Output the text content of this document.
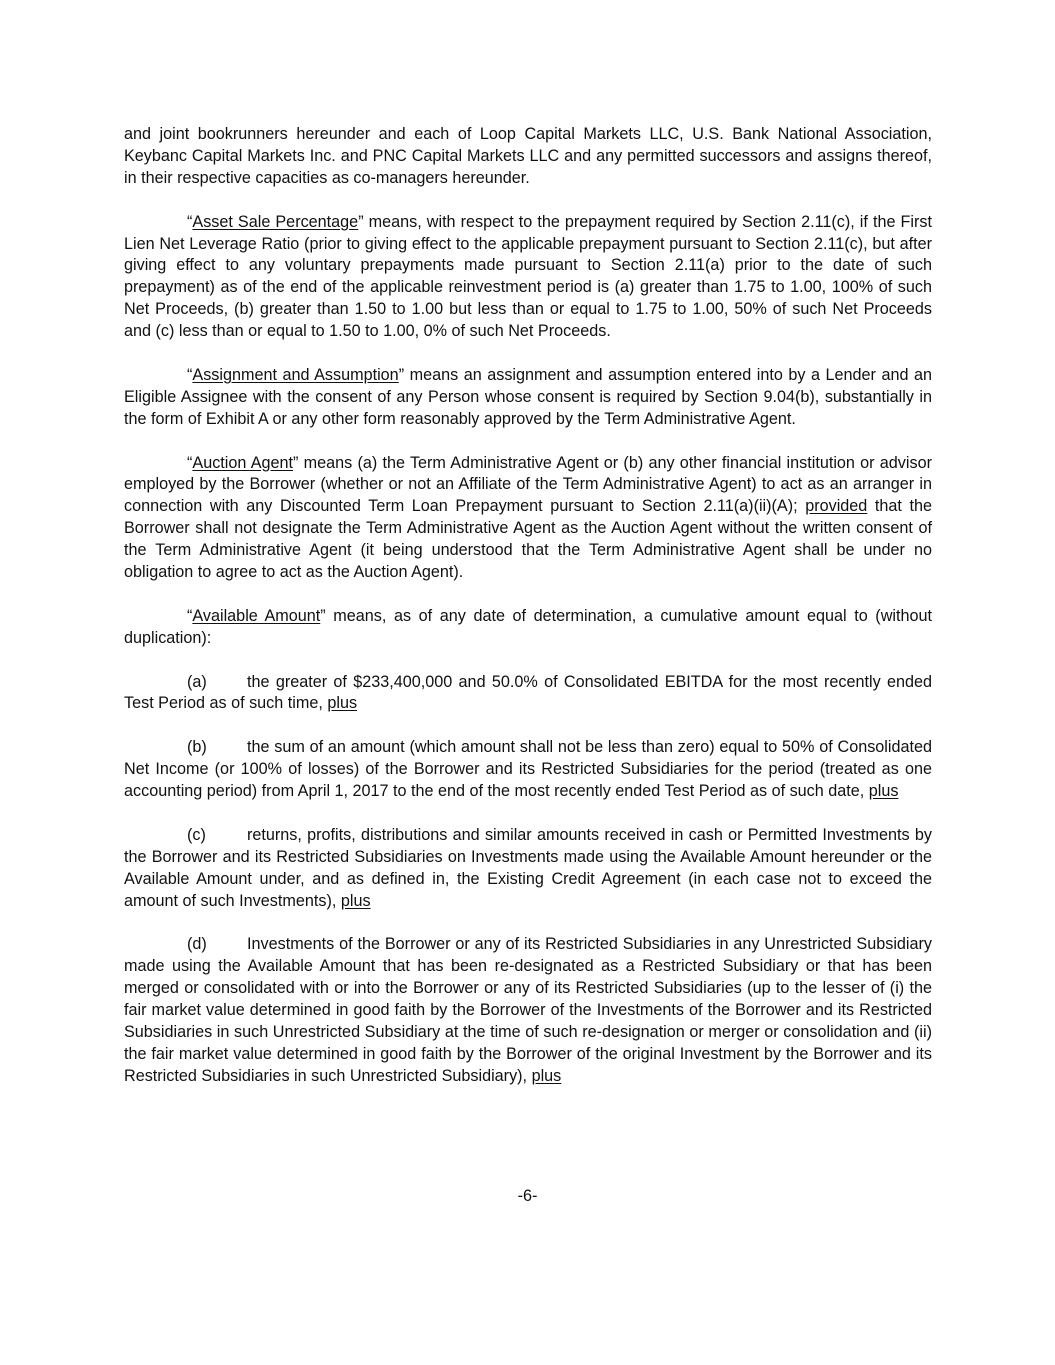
and joint bookrunners hereunder and each of Loop Capital Markets LLC, U.S. Bank National Association, Keybanc Capital Markets Inc. and PNC Capital Markets LLC and any permitted successors and assigns thereof, in their respective capacities as co-managers hereunder.

“Asset Sale Percentage” means, with respect to the prepayment required by Section 2.11(c), if the First Lien Net Leverage Ratio (prior to giving effect to the applicable prepayment pursuant to Section 2.11(c), but after giving effect to any voluntary prepayments made pursuant to Section 2.11(a) prior to the date of such prepayment) as of the end of the applicable reinvestment period is (a) greater than 1.75 to 1.00, 100% of such Net Proceeds, (b) greater than 1.50 to 1.00 but less than or equal to 1.75 to 1.00, 50% of such Net Proceeds and (c) less than or equal to 1.50 to 1.00, 0% of such Net Proceeds.

“Assignment and Assumption” means an assignment and assumption entered into by a Lender and an Eligible Assignee with the consent of any Person whose consent is required by Section 9.04(b), substantially in the form of Exhibit A or any other form reasonably approved by the Term Administrative Agent.

“Auction Agent” means (a) the Term Administrative Agent or (b) any other financial institution or advisor employed by the Borrower (whether or not an Affiliate of the Term Administrative Agent) to act as an arranger in connection with any Discounted Term Loan Prepayment pursuant to Section 2.11(a)(ii)(A); provided that the Borrower shall not designate the Term Administrative Agent as the Auction Agent without the written consent of the Term Administrative Agent (it being understood that the Term Administrative Agent shall be under no obligation to agree to act as the Auction Agent).

“Available Amount” means, as of any date of determination, a cumulative amount equal to (without duplication):

(a) the greater of $233,400,000 and 50.0% of Consolidated EBITDA for the most recently ended Test Period as of such time, plus

(b) the sum of an amount (which amount shall not be less than zero) equal to 50% of Consolidated Net Income (or 100% of losses) of the Borrower and its Restricted Subsidiaries for the period (treated as one accounting period) from April 1, 2017 to the end of the most recently ended Test Period as of such date, plus

(c)	returns, profits, distributions and similar amounts received in cash or Permitted Investments by the Borrower and its Restricted Subsidiaries on Investments made using the Available Amount hereunder or the Available Amount under, and as defined in, the Existing Credit Agreement (in each case not to exceed the amount of such Investments), plus

(d) Investments of the Borrower or any of its Restricted Subsidiaries in any Unrestricted Subsidiary made using the Available Amount that has been re-designated as a Restricted Subsidiary or that has been merged or consolidated with or into the Borrower or any of its Restricted Subsidiaries (up to the lesser of (i) the fair market value determined in good faith by the Borrower of the Investments of the Borrower and its Restricted Subsidiaries in such Unrestricted Subsidiary at the time of such re-designation or merger or consolidation and (ii) the fair market value determined in good faith by the Borrower of the original Investment by the Borrower and its Restricted Subsidiaries in such Unrestricted Subsidiary), plus

-6-
